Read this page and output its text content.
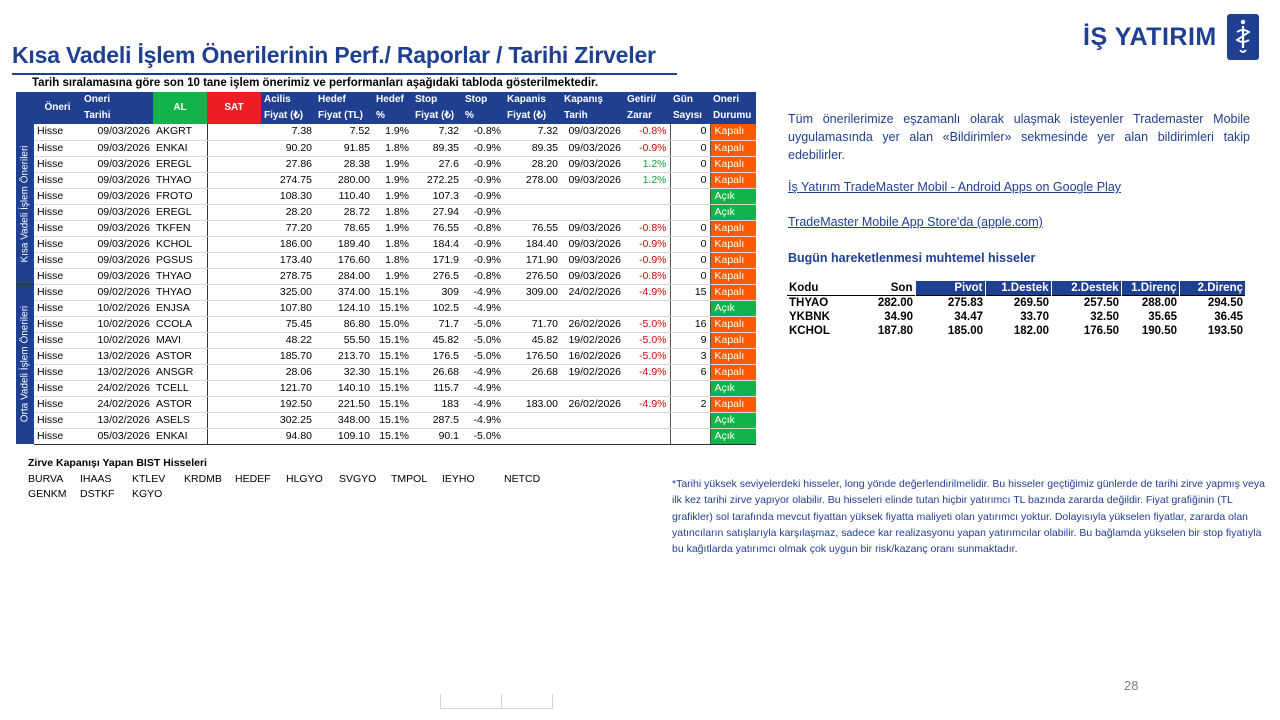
Kısa Vadeli İşlem Önerilerinin Perf./ Raporlar / Tarihi Zirveler
İŞ YATIRIM
Tarih sıralamasına göre son 10 tane işlem önerimiz ve performanları aşağıdaki tabloda gösterilmektedir.
	Öneri	Oneri	AL	SAT	Acilis	Hedef	Hedef	Stop	Stop	Kapanis	Kapanış	Getiri/	Gün	Oneri
		Tarihi			Fiyat (₺)	Fiyat (TL)	%	Fiyat (₺)	%	Fiyat (₺)	Tarih	Zarar	Sayısı	Durumu

Kısa Vadeli İşlem Önerileri	Hisse	09/03/2026	AKGRT		7.38	7.52	1.9%	7.32	-0.8%	7.32	09/03/2026	-0.8%	0	Kapalı
	Hisse	09/03/2026	ENKAI		90.20	91.85	1.8%	89.35	-0.9%	89.35	09/03/2026	-0.9%	0	Kapalı
	Hisse	09/03/2026	EREGL		27.86	28.38	1.9%	27.6	-0.9%	28.20	09/03/2026	1.2%	0	Kapalı
	Hisse	09/03/2026	THYAO		274.75	280.00	1.9%	272.25	-0.9%	278.00	09/03/2026	1.2%	0	Kapalı
	Hisse	09/03/2026	FROTO		108.30	110.40	1.9%	107.3	-0.9%					Açık
	Hisse	09/03/2026	EREGL		28.20	28.72	1.8%	27.94	-0.9%					Açık
	Hisse	09/03/2026	TKFEN		77.20	78.65	1.9%	76.55	-0.8%	76.55	09/03/2026	-0.8%	0	Kapalı
	Hisse	09/03/2026	KCHOL		186.00	189.40	1.8%	184.4	-0.9%	184.40	09/03/2026	-0.9%	0	Kapalı
	Hisse	09/03/2026	PGSUS		173.40	176.60	1.8%	171.9	-0.9%	171.90	09/03/2026	-0.9%	0	Kapalı
	Hisse	09/03/2026	THYAO		278.75	284.00	1.9%	276.5	-0.8%	276.50	09/03/2026	-0.8%	0	Kapalı

Orta Vadeli İşlem Önerileri	Hisse	09/02/2026	THYAO		325.00	374.00	15.1%	309	-4.9%	309.00	24/02/2026	-4.9%	15	Kapalı
	Hisse	10/02/2026	ENJSA		107.80	124.10	15.1%	102.5	-4.9%					Açık
	Hisse	10/02/2026	CCOLA		75.45	86.80	15.0%	71.7	-5.0%	71.70	26/02/2026	-5.0%	16	Kapalı
	Hisse	10/02/2026	MAVI		48.22	55.50	15.1%	45.82	-5.0%	45.82	19/02/2026	-5.0%	9	Kapalı
	Hisse	13/02/2026	ASTOR		185.70	213.70	15.1%	176.5	-5.0%	176.50	16/02/2026	-5.0%	3	Kapalı
	Hisse	13/02/2026	ANSGR		28.06	32.30	15.1%	26.68	-4.9%	26.68	19/02/2026	-4.9%	6	Kapalı
	Hisse	24/02/2026	TCELL		121.70	140.10	15.1%	115.7	-4.9%					Açık
	Hisse	24/02/2026	ASTOR		192.50	221.50	15.1%	183	-4.9%	183.00	26/02/2026	-4.9%	2	Kapalı
	Hisse	13/02/2026	ASELS		302.25	348.00	15.1%	287.5	-4.9%					Açık
	Hisse	05/03/2026	ENKAI		94.80	109.10	15.1%	90.1	-5.0%					Açık
Tüm önerilerimize eşzamanlı olarak ulaşmak isteyenler Trademaster Mobile uygulamasında yer alan «Bildirimler» sekmesinde yer alan bildirimleri takip edebilirler.
İş Yatırım TradeMaster Mobil - Android Apps on Google Play
TradeMaster Mobile App Store'da (apple.com)
Bugün hareketlenmesi muhtemel hisseler
Kodu	Son	Pivot	1.Destek	2.Destek	1.Direnç	2.Direnç
THYAO	282.00	275.83	269.50	257.50	288.00	294.50
YKBNK	34.90	34.47	33.70	32.50	35.65	36.45
KCHOL	187.80	185.00	182.00	176.50	190.50	193.50
Zirve Kapanışı Yapan BIST Hisseleri
BURVA IHAAS KTLEV KRDMB HEDEF HLGYO SVGYO TMPOL IEYHO	NETCD
GENKM DSTKF KGYO
*Tarihi yüksek seviyelerdeki hisseler, long yönde değerlendirilmelidir. Bu hisseler geçtiğimiz günlerde de tarihi zirve yapmış veya ilk kez tarihi zirve yapıyor olabilir. Bu hisseleri elinde tutan hiçbir yatırımcı TL bazında zararda değildir. Fiyat grafiğinin (TL grafikler) sol tarafında mevcut fiyattan yüksek fiyatta maliyeti olan yatırımcı yoktur. Dolayısıyla yükselen fiyatlar, zararda olan yatıncıların satışlarıyla karşılaşmaz, sadece kar realizasyonu yapan yatırımcılar olabilir. Bu bağlamda yükselen bir stop fiyatıyla bu kağıtlarda yatırımcı olmak çok uygun bir risk/kazanç oranı sunmaktadır.
28
